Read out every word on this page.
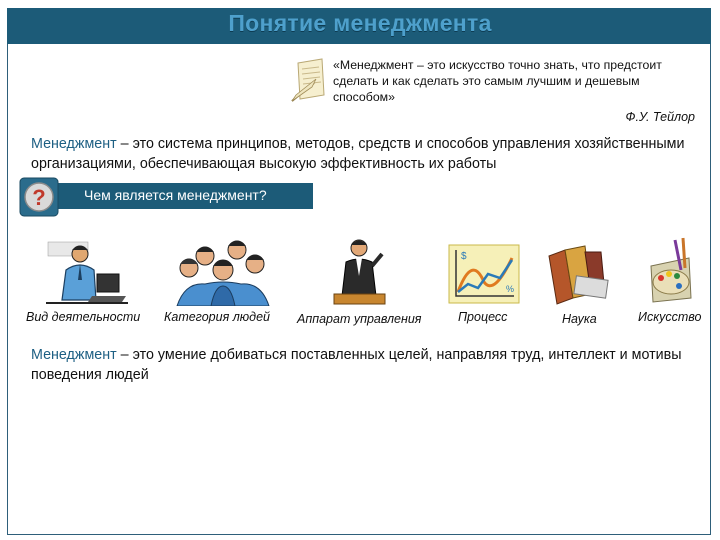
Понятие менеджмента
«Менеджмент – это искусство точно знать, что предстоит сделать и как сделать это самым лучшим и дешевым способом»
Ф.У. Тейлор
Менеджмент – это система принципов, методов, средств и способов управления хозяйственными организациями, обеспечивающая высокую эффективность их работы
?	Чем является менеджмент?
$
%
Вид деятельности Категория людей Аппарат управления	Процесс	Наука	Искусство
Менеджмент – это умение добиваться поставленных целей, направляя труд, интеллект и мотивы поведения людей
